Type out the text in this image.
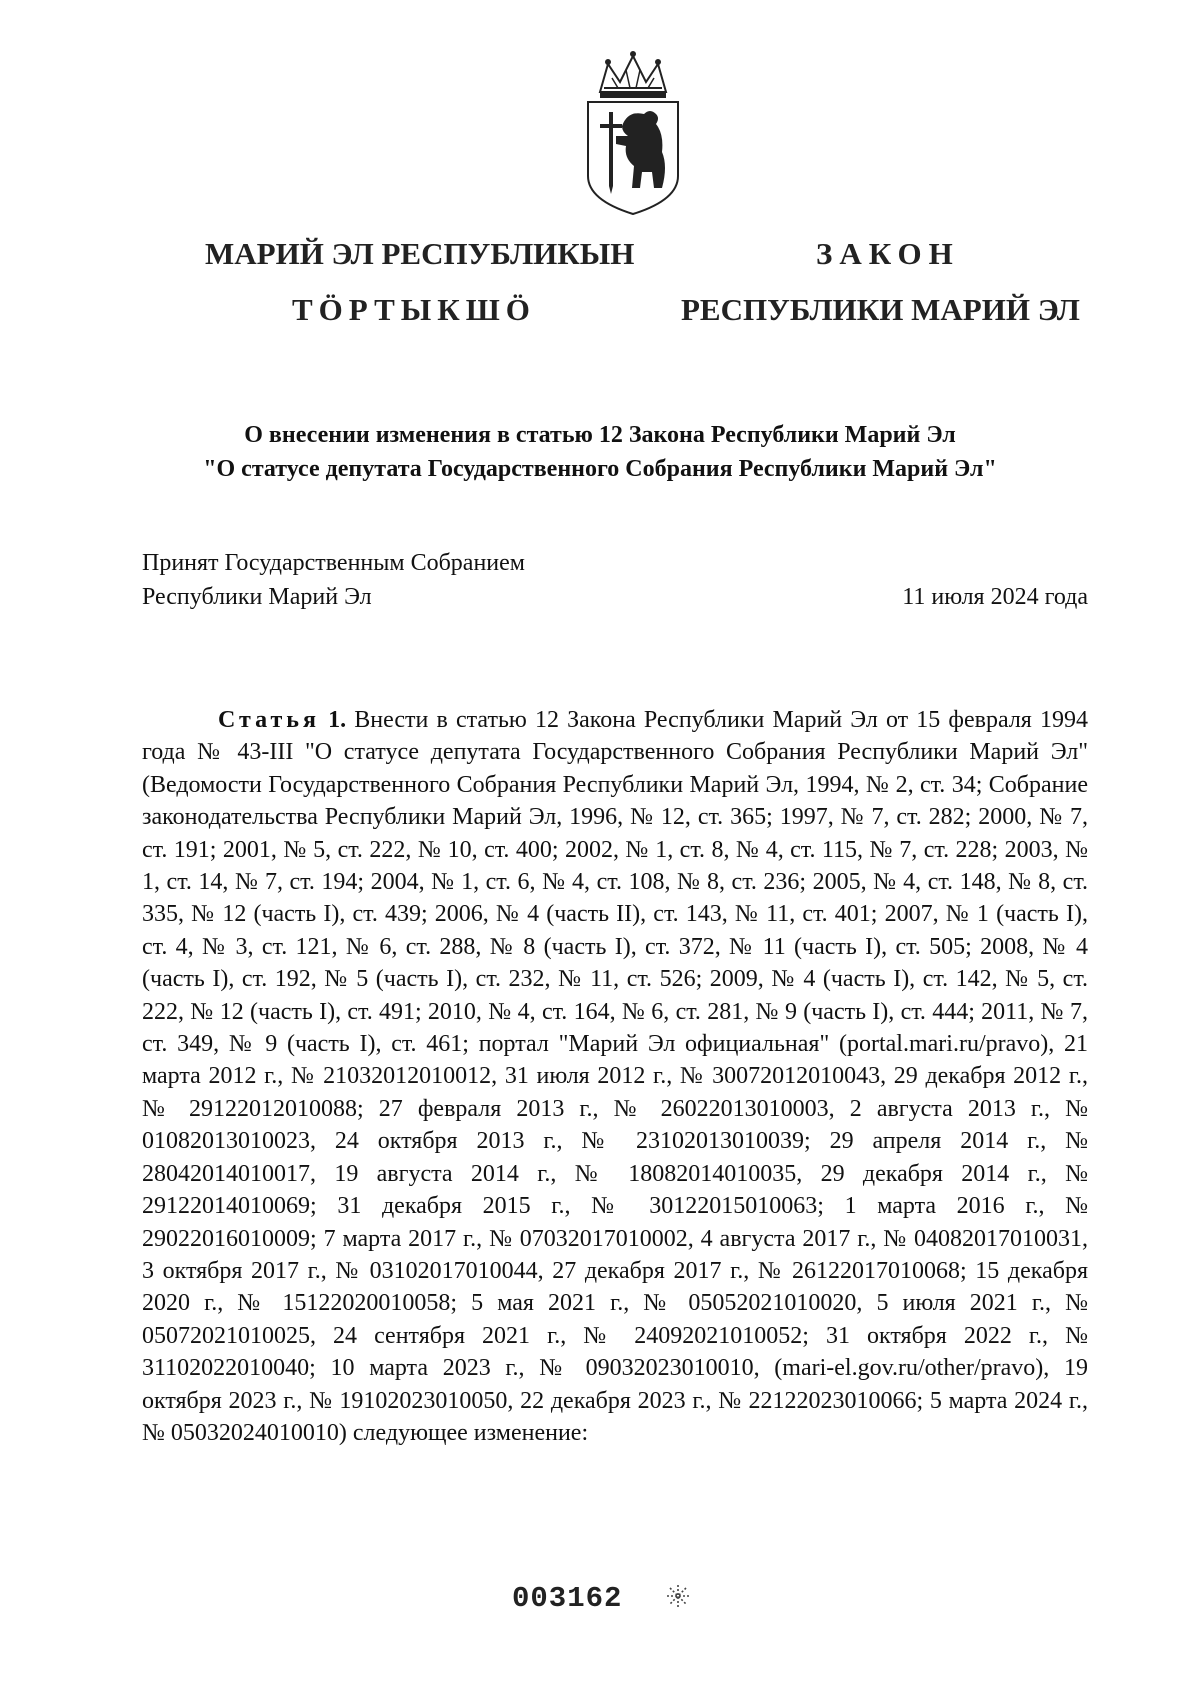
МАРИЙ ЭЛ РЕСПУБЛИКЫН
ТӦРТЫКШӦ
ЗАКОН
РЕСПУБЛИКИ МАРИЙ ЭЛ
О внесении изменения в статью 12 Закона Республики Марий Эл
"О статусе депутата Государственного Собрания Республики Марий Эл"
Принят Государственным Собранием
Республики Марий Эл	11 июля 2024 года

Статья 1. Внести в статью 12 Закона Республики Марий Эл от 15 февраля 1994 года № 43-III "О статусе депутата Государственного Собрания Республики Марий Эл" (Ведомости Государственного Собрания Республики Марий Эл, 1994, № 2, ст. 34; Собрание законодательства Республики Марий Эл, 1996, № 12, ст. 365; 1997, № 7, ст. 282; 2000, № 7, ст. 191; 2001, № 5, ст. 222, № 10, ст. 400; 2002, № 1, ст. 8, № 4, ст. 115, № 7, ст. 228; 2003, № 1, ст. 14, № 7, ст. 194; 2004, № 1, ст. 6, № 4, ст. 108, № 8, ст. 236; 2005, № 4, ст. 148, № 8, ст. 335, № 12 (часть I), ст. 439; 2006, № 4 (часть II), ст. 143, № 11, ст. 401; 2007, № 1 (часть I), ст. 4, № 3, ст. 121, № 6, ст. 288, № 8 (часть I), ст. 372, № 11 (часть I), ст. 505; 2008, № 4 (часть I), ст. 192, № 5 (часть I), ст. 232, № 11, ст. 526; 2009, № 4 (часть I), ст. 142, № 5, ст. 222, № 12 (часть I), ст. 491; 2010, № 4, ст. 164, № 6, ст. 281, № 9 (часть I), ст. 444; 2011, № 7, ст. 349, № 9 (часть I), ст. 461; портал "Марий Эл официальная" (portal.mari.ru/pravo), 21 марта 2012 г., № 21032012010012, 31 июля 2012 г., № 30072012010043, 29 декабря 2012 г., № 29122012010088; 27 февраля 2013 г., № 26022013010003, 2 августа 2013 г., № 01082013010023, 24 октября 2013 г., № 23102013010039; 29 апреля 2014 г., № 28042014010017, 19 августа 2014 г., № 18082014010035, 29 декабря 2014 г., № 29122014010069; 31 декабря 2015 г., № 30122015010063; 1 марта 2016 г., № 29022016010009; 7 марта 2017 г., № 07032017010002, 4 августа 2017 г., № 04082017010031, 3 октября 2017 г., № 03102017010044, 27 декабря 2017 г., № 26122017010068; 15 декабря 2020 г., № 15122020010058; 5 мая 2021 г., № 05052021010020, 5 июля 2021 г., № 05072021010025, 24 сентября 2021 г., № 24092021010052; 31 октября 2022 г., № 31102022010040; 10 марта 2023 г., № 09032023010010, (mari-el.gov.ru/other/pravo), 19 октября 2023 г., № 19102023010050, 22 декабря 2023 г., № 22122023010066; 5 марта 2024 г., № 05032024010010) следующее изменение:

003162
